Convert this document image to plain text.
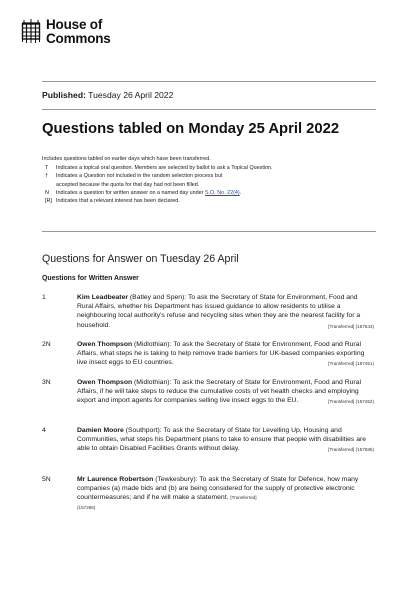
House of
Commons
Published: Tuesday 26 April 2022
Questions tabled on Monday 25 April 2022
Includes questions tabled on earlier days which have been transferred.
T	Indicates a topical oral question. Members are selected by ballot to ask a Topical Question.
†	Indicates a Question not included in the random selection process but
accepted because the quota for that day had not been filled.
N	Indicates a question for written answer on a named day under S.O. No. 22(4).
[R] Indicates that a relevant interest has been declared.
Questions for Answer on Tuesday 26 April
Questions for Written Answer
1	Kim Leadbeater (Batley and Spen): To ask the Secretary of State for Environment, Food and Rural Affairs, whether his Department has issued guidance to allow residents to utilise a neighbouring local authority's refuse and recycling sites when they are the nearest facility for a household.	[Transferred] (157543)
2N	Owen Thompson (Midlothian): To ask the Secretary of State for Environment, Food and Rural Affairs, what steps he is taking to help remove trade barriers for UK-based companies exporting live insect eggs to EU countries.	[Transferred] (157451)
3N	Owen Thompson (Midlothian): To ask the Secretary of State for Environment, Food and Rural Affairs, if he will take steps to reduce the cumulative costs of vet health checks and employing export and import agents for companies selling live insect eggs to the EU.	[Transferred] (157452)
4	Damien Moore (Southport): To ask the Secretary of State for Levelling Up, Housing and Communities, what steps his Department plans to take to ensure that people with disabilities are able to obtain Disabled Facilities Grants without delay.	[Transferred] (157585)
5N	Mr Laurence Robertson (Tewkesbury): To ask the Secretary of State for Defence, how many companies (a) made bids and (b) are being considered for the supply of protective electronic countermeasures; and if he will make a statement. [Transferred]
(157266)
